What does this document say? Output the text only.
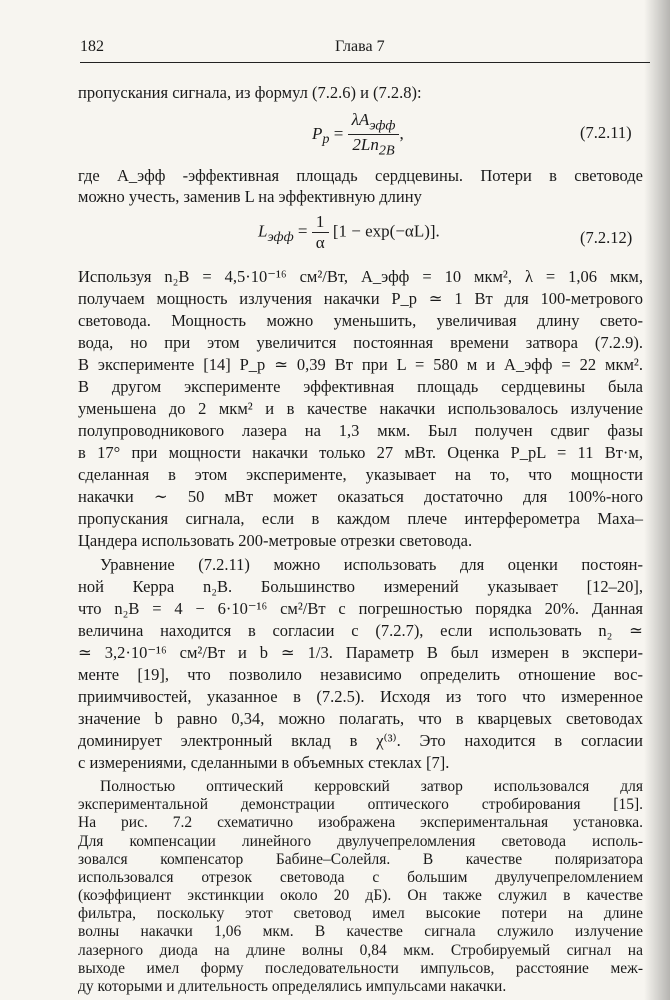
182	Глава 7
пропускания сигнала, из формул (7.2.6) и (7.2.8):
$P_p = \frac{\lambda A_{эфф}}{2Ln_{2B}}$ ,	(7.2.11)
где A_эфф -эффективная площадь сердцевины. Потери в световоде
можно учесть, заменив L на эффективную длину
$L_{эфф} = \frac{1}{\alpha} [1 - \exp(-\alpha L)]$.	(7.2.12)
Используя n₂B = 4,5·10⁻¹⁶ см²/Вт, A_эфф = 10 мкм², λ = 1,06 мкм,
получаем мощность излучения накачки P_p ≃ 1 Вт для 100-метрового
световода. Мощность можно уменьшить, увеличивая длину свето-
вода, но при этом увеличится постоянная времени затвора (7.2.9).
В эксперименте [14] P_p ≃ 0,39 Вт при L = 580 м и A_эфф = 22 мкм².
В другом эксперименте эффективная площадь сердцевины была
уменьшена до 2 мкм² и в качестве накачки использовалось излучение
полупроводникового лазера на 1,3 мкм. Был получен сдвиг фазы
в 17° при мощности накачки только 27 мВт. Оценка P_pL = 11 Вт·м,
сделанная в этом эксперименте, указывает на то, что мощности
накачки ∼ 50 мВт может оказаться достаточно для 100%-ного
пропускания сигнала, если в каждом плече интерферометра Маха–
Цандера использовать 200-метровые отрезки световода.
Уравнение (7.2.11) можно использовать для оценки постоян-
ной Керра n₂B. Большинство измерений указывает [12–20],
что n₂B = 4 − 6·10⁻¹⁶ см²/Вт с погрешностью порядка 20%. Данная
величина находится в согласии с (7.2.7), если использовать n₂ ≃
≃ 3,2·10⁻¹⁶ см²/Вт и b ≃ 1/3. Параметр B был измерен в экспери-
менте [19], что позволило независимо определить отношение вос-
приимчивостей, указанное в (7.2.5). Исходя из того что измеренное
значение b равно 0,34, можно полагать, что в кварцевых световодах
доминирует электронный вклад в χ⁽³⁾. Это находится в согласии
с измерениями, сделанными в объемных стеклах [7].
Полностью оптический керровский затвор использовался для
экспериментальной демонстрации оптического стробирования [15].
На рис. 7.2 схематично изображена экспериментальная установка.
Для компенсации линейного двулучепреломления световода исполь-
зовался компенсатор Бабине–Солейля. В качестве поляризатора
использовался отрезок световода с большим двулучепреломлением
(коэффициент экстинкции около 20 дБ). Он также служил в качестве
фильтра, поскольку этот световод имел высокие потери на длине
волны накачки 1,06 мкм. В качестве сигнала служило излучение
лазерного диода на длине волны 0,84 мкм. Стробируемый сигнал на
выходе имел форму последовательности импульсов, расстояние меж-
ду которыми и длительность определялись импульсами накачки.
